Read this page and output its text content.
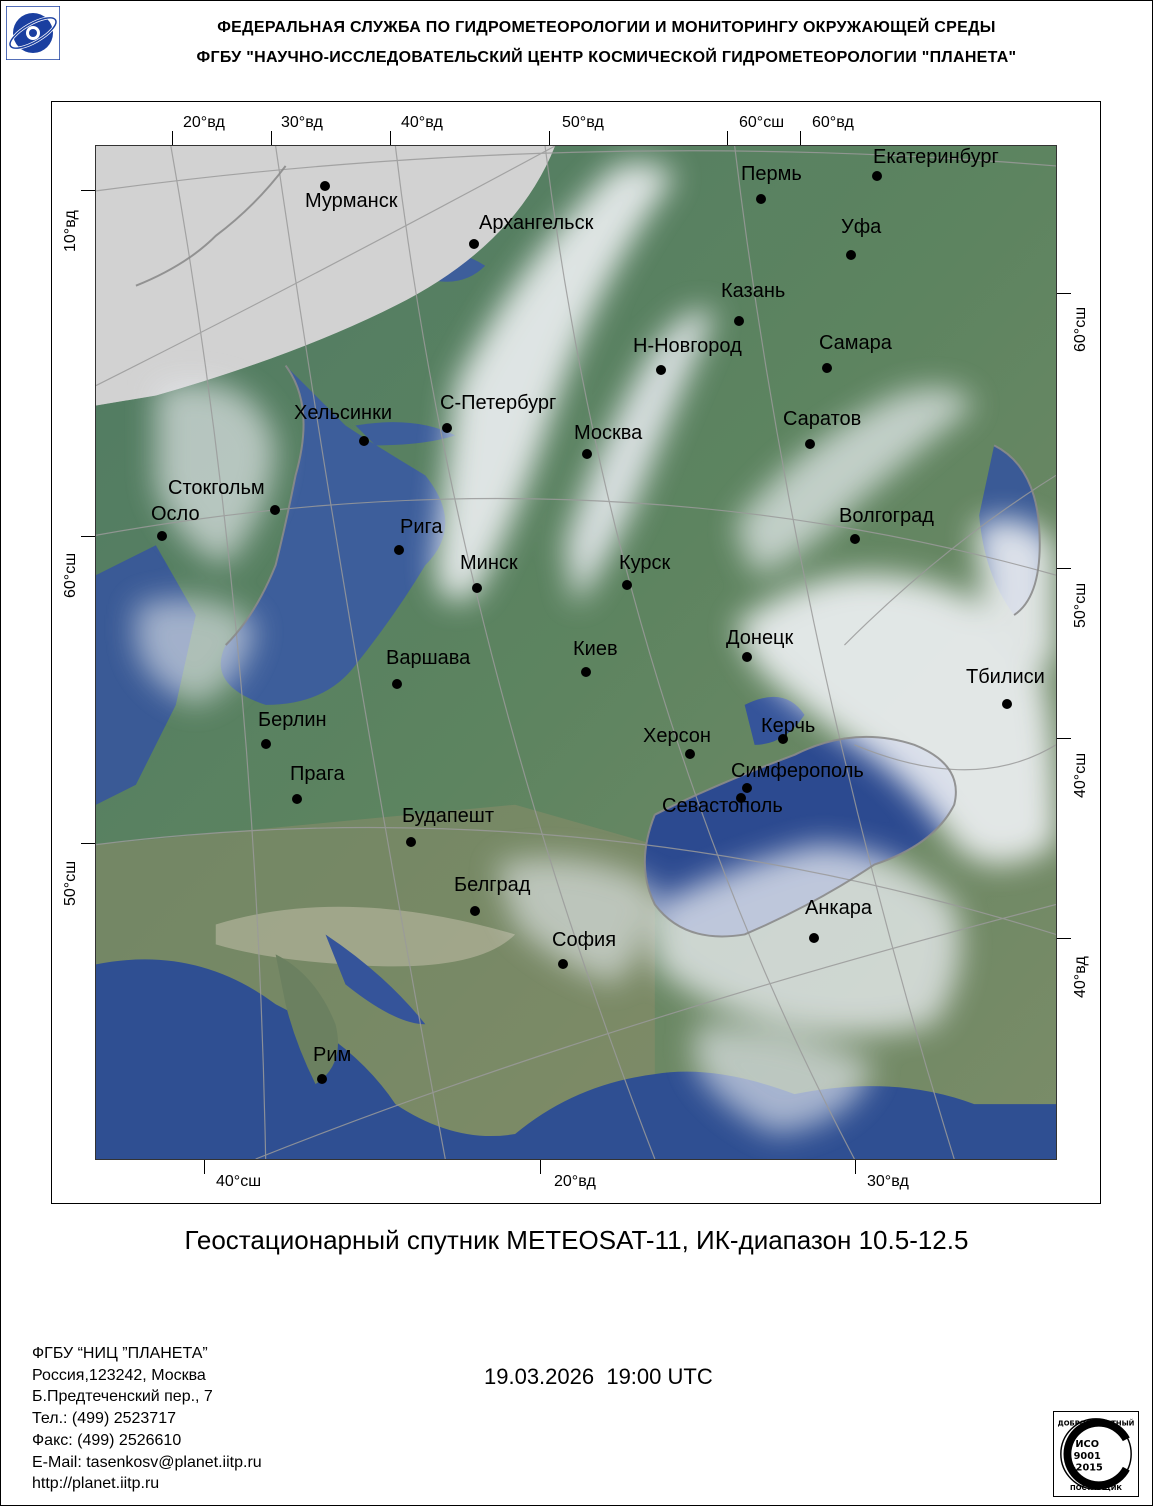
ФЕДЕРАЛЬНАЯ СЛУЖБА ПО ГИДРОМЕТЕОРОЛОГИИ И МОНИТОРИНГУ ОКРУЖАЮЩЕЙ СРЕДЫ
ФГБУ "НАУЧНО-ИССЛЕДОВАТЕЛЬСКИЙ ЦЕНТР КОСМИЧЕСКОЙ ГИДРОМЕТЕОРОЛОГИИ "ПЛАНЕТА"
20°вд	30°вд	40°вд	50°вд	60°сш 60°вд
40°сш	20°вд	30°вд
10°вд
60°сш
50°сш
60°сш
50°сш
40°сш
40°вд
Мурманск
Архангельск
Пермь
Екатеринбург
Уфа
Казань
Н-Новгород	Самара
С-Петербург
Хельсинки
Москва
Саратов
Стокгольм
Осло
Рига	Волгоград
Минск	Курск
Донецк
Варшава	Киев
Тбилиси
Берлин
Херсон	Керчь
Прага	Симферополь
Севастополь
Будапешт
Белград
Анкара
София
Рим
Геостационарный спутник METEOSAT-11, ИК-диапазон 10.5-12.5
19.03.2026  19:00 UTC
ФГБУ “НИЦ ”ПЛАНЕТА”
Россия,123242, Москва
Б.Предтеченский пер., 7
Тел.: (499) 2523717
Факс: (499) 2526610
E-Mail: tasenkosv@planet.iitp.ru
http://planet.iitp.ru
ДОБРОСОВЕСТНЫЙ
ИСО
9001
-2015
ПОСТАВЩИК
